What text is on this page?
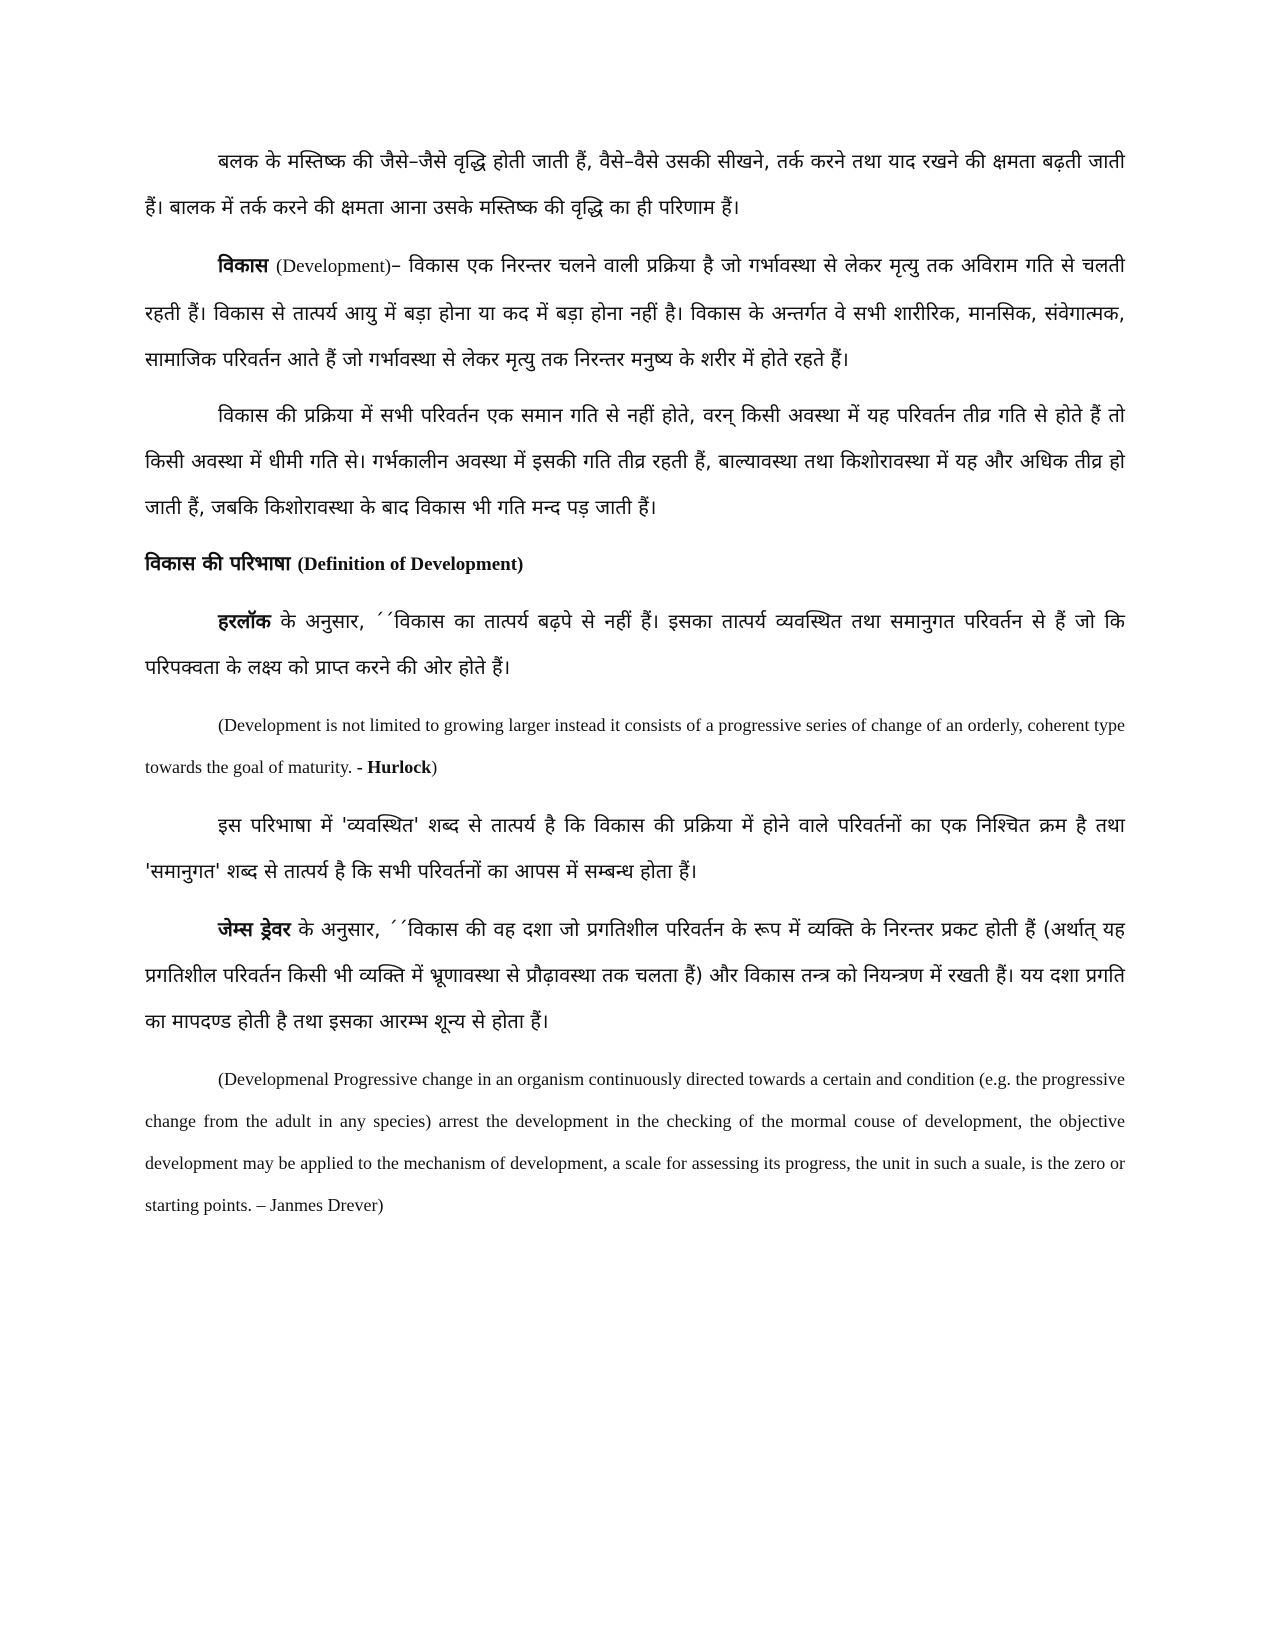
बलक के मस्तिष्क की जैसे–जैसे वृद्धि होती जाती हैं, वैसे–वैसे उसकी सीखने, तर्क करने तथा याद रखने की क्षमता बढ़ती जाती हैं। बालक में तर्क करने की क्षमता आना उसके मस्तिष्क की वृद्धि का ही परिणाम हैं।

विकास (Development)– विकास एक निरन्तर चलने वाली प्रक्रिया है जो गर्भावस्था से लेकर मृत्यु तक अविराम गति से चलती रहती हैं। विकास से तात्पर्य आयु में बड़ा होना या कद में बड़ा होना नहीं है। विकास के अन्तर्गत वे सभी शारीरिक, मानसिक, संवेगात्मक, सामाजिक परिवर्तन आते हैं जो गर्भावस्था से लेकर मृत्यु तक निरन्तर मनुष्य के शरीर में होते रहते हैं।

विकास की प्रक्रिया में सभी परिवर्तन एक समान गति से नहीं होते, वरन् किसी अवस्था में यह परिवर्तन तीव्र गति से होते हैं तो किसी अवस्था में धीमी गति से। गर्भकालीन अवस्था में इसकी गति तीव्र रहती हैं, बाल्यावस्था तथा किशोरावस्था में यह और अधिक तीव्र हो जाती हैं, जबकि किशोरावस्था के बाद विकास भी गति मन्द पड़ जाती हैं।

विकास की परिभाषा (Definition of Development)

हरलॉक के अनुसार, ´´विकास का तात्पर्य बढ़पे से नहीं हैं। इसका तात्पर्य व्यवस्थित तथा समानुगत परिवर्तन से हैं जो कि परिपक्वता के लक्ष्य को प्राप्त करने की ओर होते हैं।

(Development is not limited to growing larger instead it consists of a progressive series of change of an orderly, coherent type towards the goal of maturity. - Hurlock)

इस परिभाषा में 'व्यवस्थित' शब्द से तात्पर्य है कि विकास की प्रक्रिया में होने वाले परिवर्तनों का एक निश्चित क्रम है तथा 'समानुगत' शब्द से तात्पर्य है कि सभी परिवर्तनों का आपस में सम्बन्ध होता हैं।

जेम्स ड्रेवर के अनुसार, ´´विकास की वह दशा जो प्रगतिशील परिवर्तन के रूप में व्यक्ति के निरन्तर प्रकट होती हैं (अर्थात् यह प्रगतिशील परिवर्तन किसी भी व्यक्ति में भ्रूणावस्था से प्रौढ़ावस्था तक चलता हैं) और विकास तन्त्र को नियन्त्रण में रखती हैं। यय दशा प्रगति का मापदण्ड होती है तथा इसका आरम्भ शून्य से होता हैं।

(Developmenal Progressive change in an organism continuously directed towards a certain and condition (e.g. the progressive change from the adult in any species) arrest the development in the checking of the mormal couse of development, the objective development may be applied to the mechanism of development, a scale for assessing its progress, the unit in such a suale, is the zero or starting points. – Janmes Drever)
